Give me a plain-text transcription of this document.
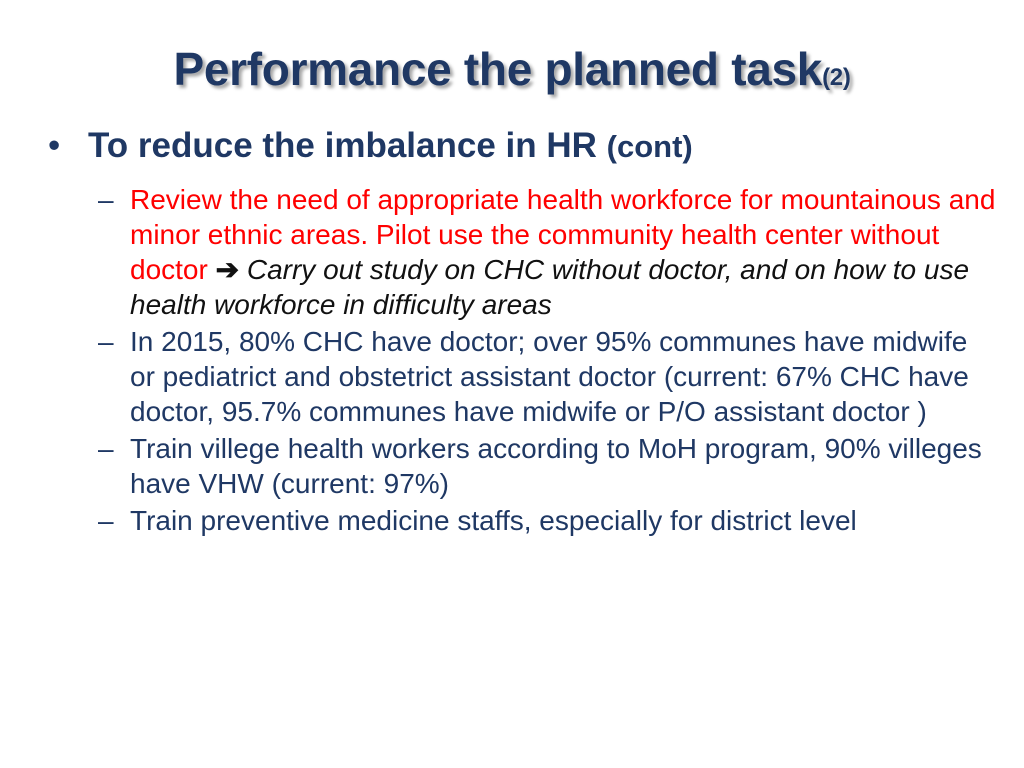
Performance the planned task(2)
• To reduce the imbalance in HR (cont)
– Review the need of appropriate health workforce for mountainous and minor ethnic areas. Pilot use the community health center without doctor ➔ Carry out study on CHC without doctor, and on how to use health workforce in difficulty areas
– In 2015, 80% CHC have doctor; over 95% communes have midwife or pediatrict and obstetrict assistant doctor (current: 67% CHC have doctor, 95.7% communes have midwife or P/O assistant doctor )
– Train villege health workers according to MoH program, 90% villeges have VHW (current: 97%)
– Train preventive medicine staffs, especially for district level
